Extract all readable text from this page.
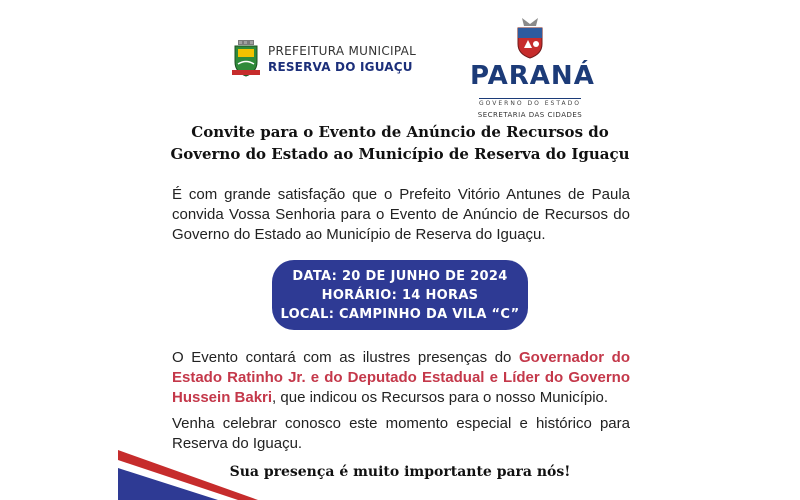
PREFEITURA MUNICIPAL
RESERVA DO IGUAÇU PARANÁ
GOVERNO DO ESTADO
SECRETARIA DAS CIDADES
Convite para o Evento de Anúncio de Recursos do
Governo do Estado ao Município de Reserva do Iguaçu
É com grande satisfação que o Prefeito Vitório Antunes de Paula convida Vossa Senhoria para o Evento de Anúncio de Recursos do Governo do Estado ao Município de Reserva do Iguaçu.
DATA: 20 DE JUNHO DE 2024
HORÁRIO: 14 HORAS
LOCAL: CAMPINHO DA VILA “C”
O Evento contará com as ilustres presenças do Governador do Estado Ratinho Jr. e do Deputado Estadual e Líder do Governo Hussein Bakri, que indicou os Recursos para o nosso Município.
Venha celebrar conosco este momento especial e histórico para Reserva do Iguaçu.
Sua presença é muito importante para nós!
